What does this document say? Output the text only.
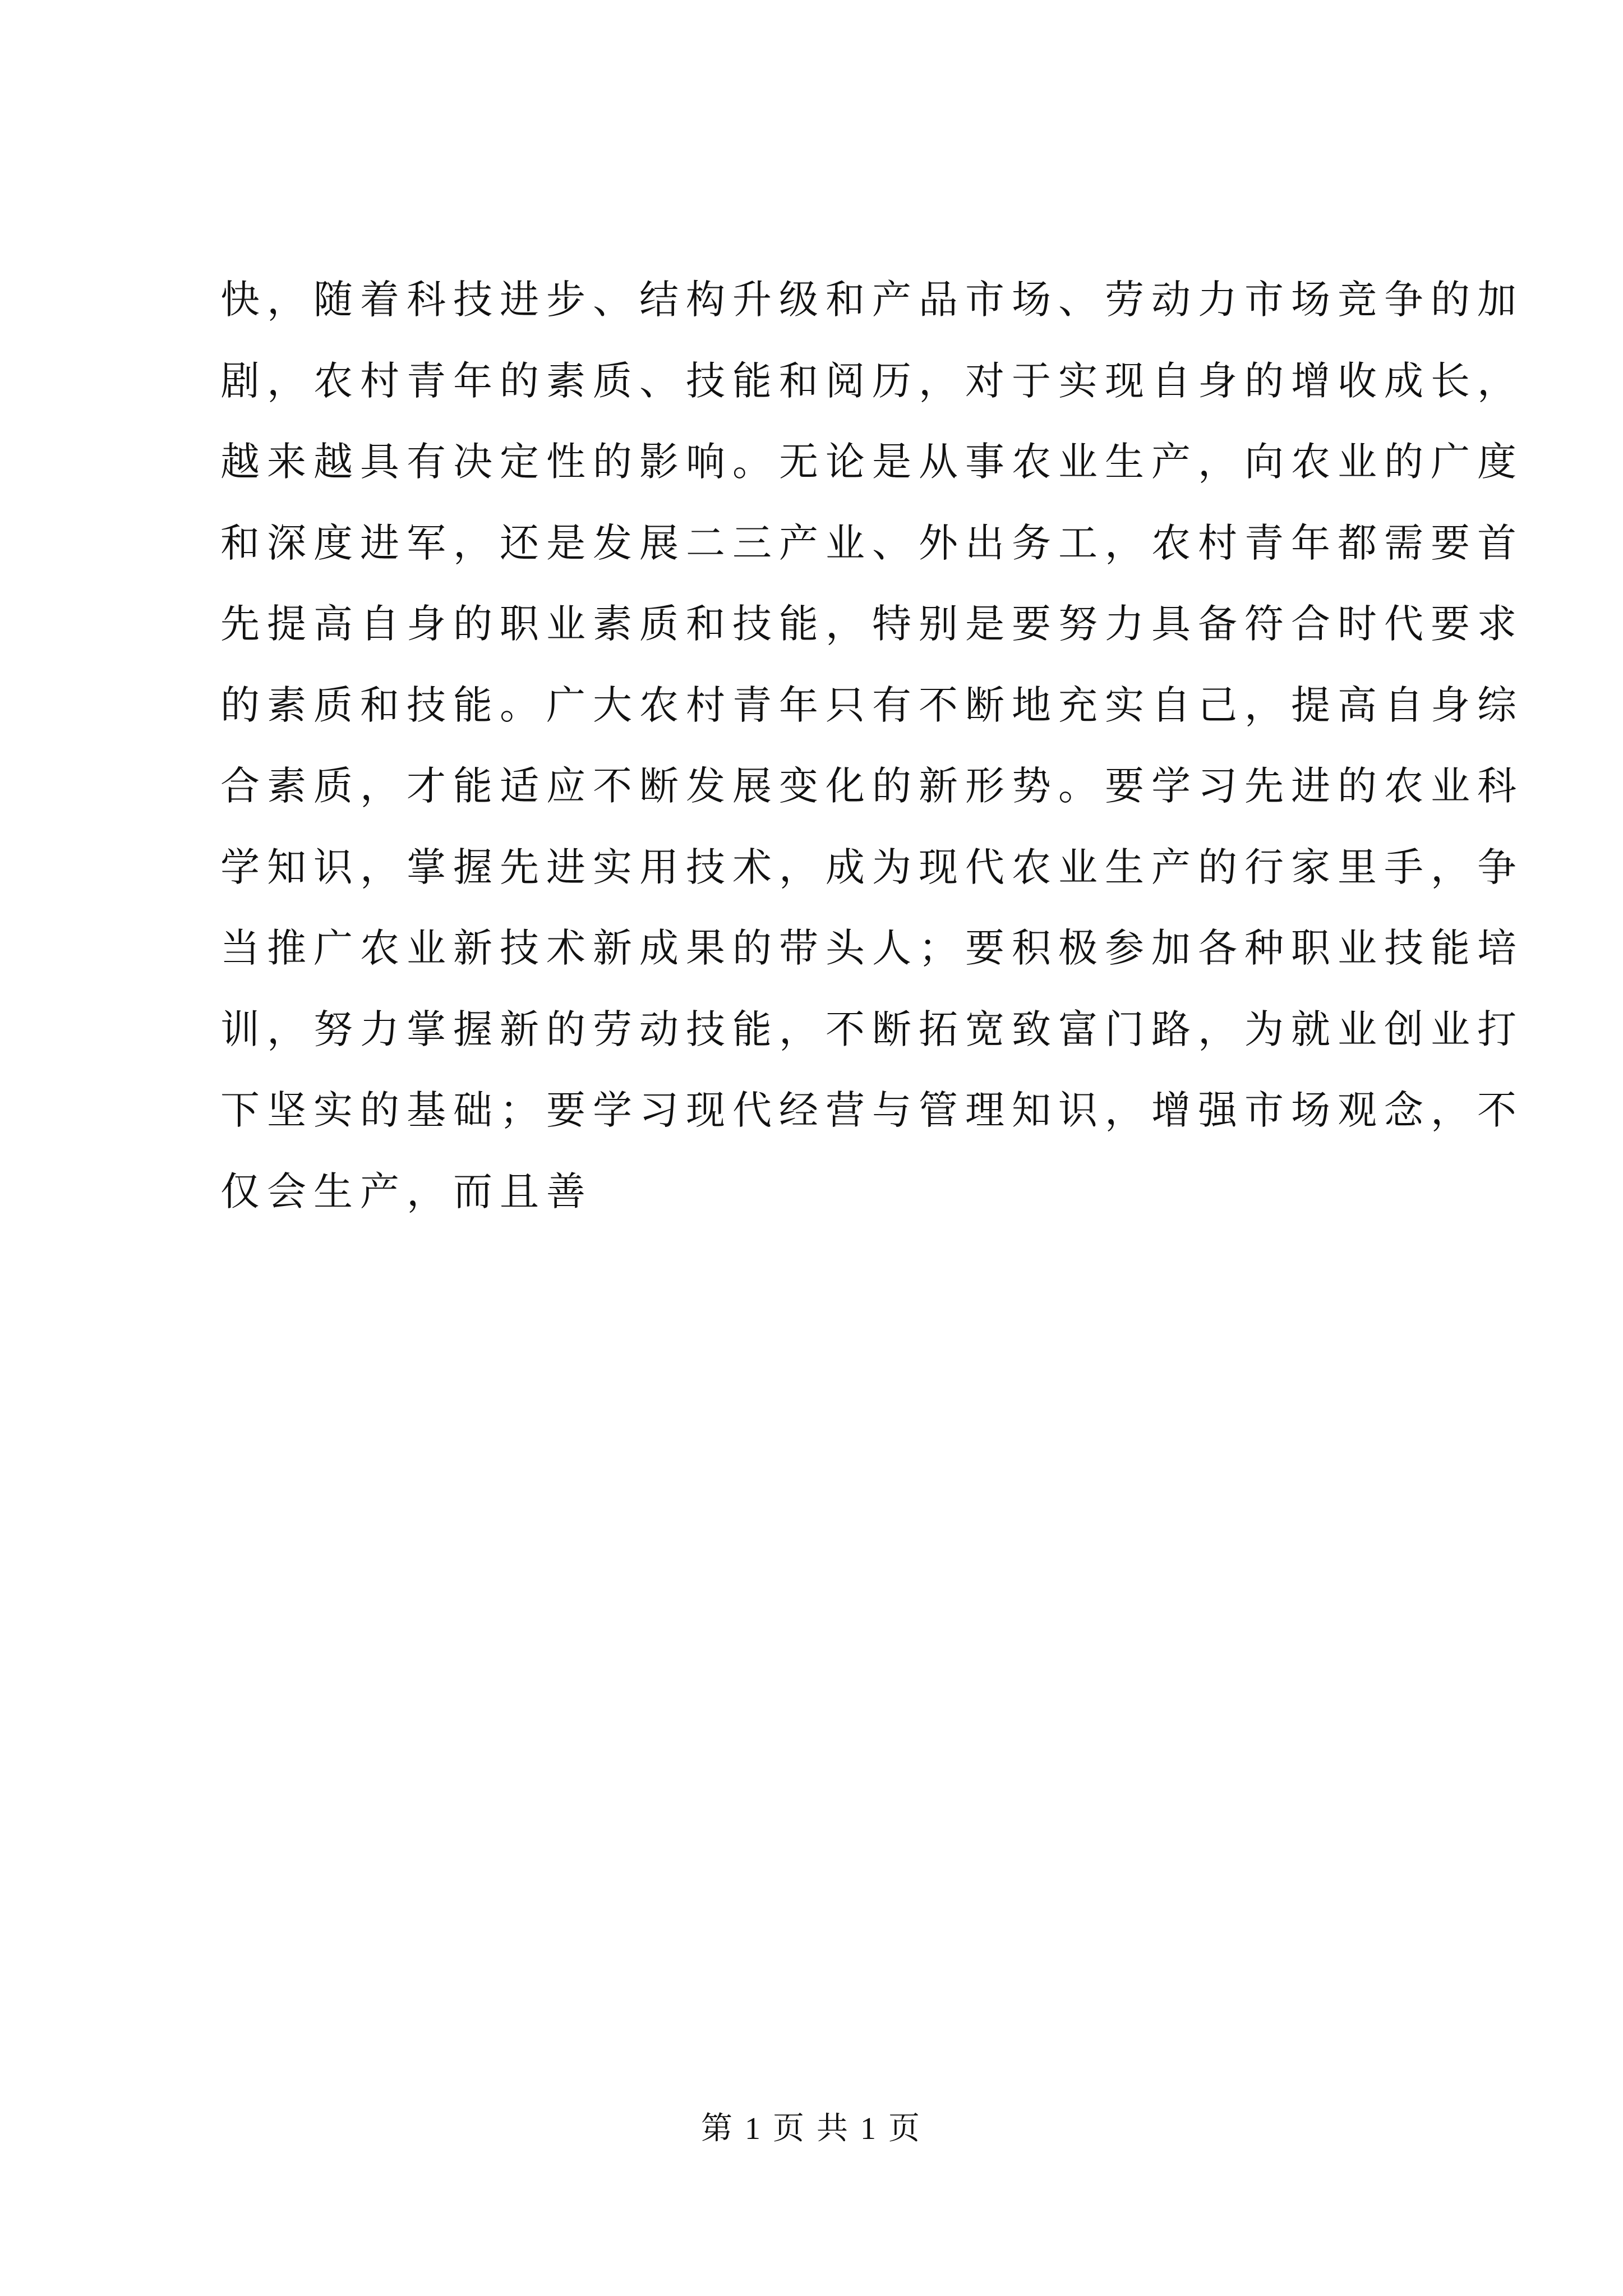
快，随着科技进步、结构升级和产品市场、劳动力市场竞争的加

剧，农村青年的素质、技能和阅历，对于实现自身的增收成长，

越来越具有决定性的影响。无论是从事农业生产，向农业的广度

和深度进军，还是发展二三产业、外出务工，农村青年都需要首

先提高自身的职业素质和技能，特别是要努力具备符合时代要求

的素质和技能。广大农村青年只有不断地充实自己，提高自身综

合素质，才能适应不断发展变化的新形势。要学习先进的农业科

学知识，掌握先进实用技术，成为现代农业生产的行家里手，争

当推广农业新技术新成果的带头人；要积极参加各种职业技能培

训，努力掌握新的劳动技能，不断拓宽致富门路，为就业创业打

下坚实的基础；要学习现代经营与管理知识，增强市场观念，不

仅会生产，而且善

第 1 页 共 1 页
